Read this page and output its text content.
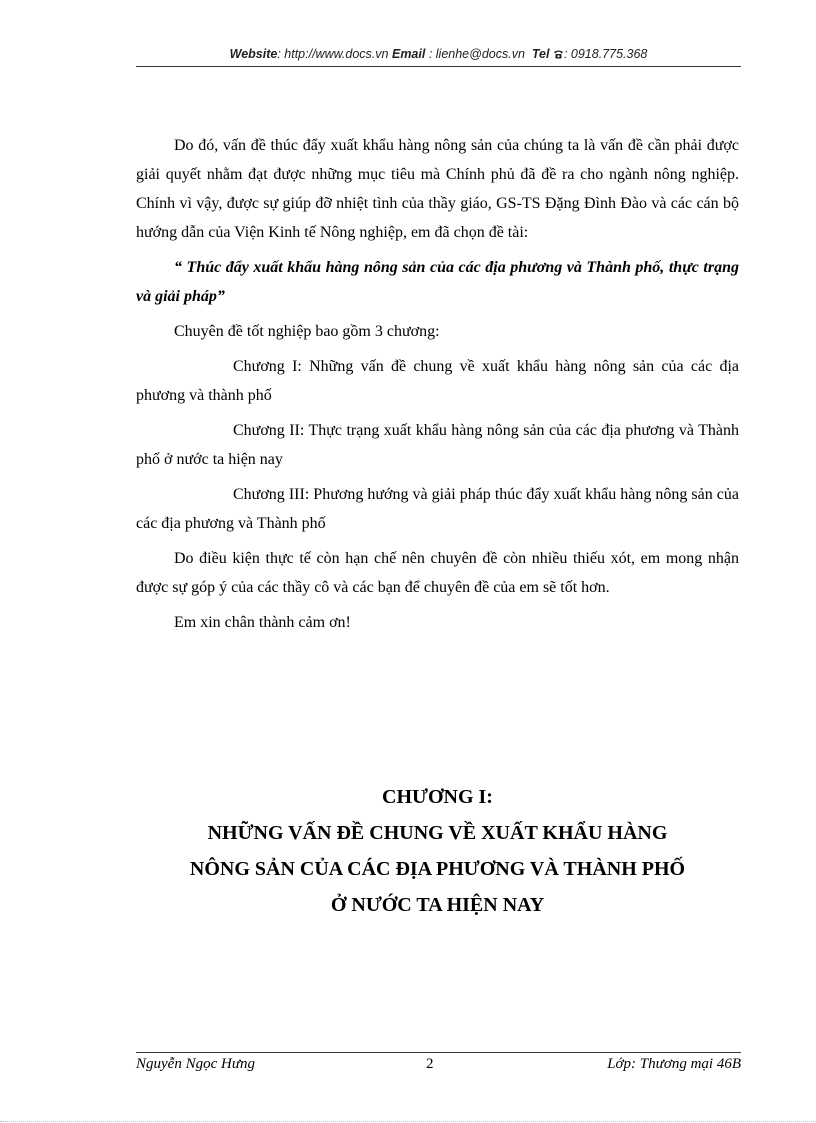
Website: http://www.docs.vn Email : lienhe@docs.vn Tel : 0918.775.368

Do đó, vấn đề thúc đẩy xuất khẩu hàng nông sản của chúng ta là vấn đề cần phải được giải quyết nhằm đạt được những mục tiêu mà Chính phủ đã đề ra cho ngành nông nghiệp. Chính vì vậy, được sự giúp đỡ nhiệt tình của thầy giáo, GS-TS Đặng Đình Đào và các cán bộ hướng dẫn của Viện Kinh tế Nông nghiệp, em đã chọn đề tài:

“ Thúc đẩy xuất khẩu hàng nông sản của các địa phương và Thành phố, thực trạng và giải pháp”

Chuyên đề tốt nghiệp bao gồm 3 chương:

Chương I: Những vấn đề chung về xuất khẩu hàng nông sản của các địa phương và thành phố

Chương II: Thực trạng xuất khẩu hàng nông sản của các địa phương và Thành phố ở nước ta hiện nay

Chương III: Phương hướng và giải pháp thúc đẩy xuất khẩu hàng nông sản của các địa phương và Thành phố

Do điều kiện thực tế còn hạn chế nên chuyên đề còn nhiều thiếu xót, em mong nhận được sự góp ý của các thầy cô và các bạn để chuyên đề của em sẽ tốt hơn.

Em xin chân thành cảm ơn!

CHƯƠNG I:
NHỮNG VẤN ĐỀ CHUNG VỀ XUẤT KHẨU HÀNG
NÔNG SẢN CỦA CÁC ĐỊA PHƯƠNG VÀ THÀNH PHỐ
Ở NƯỚC TA HIỆN NAY
Nguyễn Ngọc Hưng	2	Lớp: Thương mại 46B
